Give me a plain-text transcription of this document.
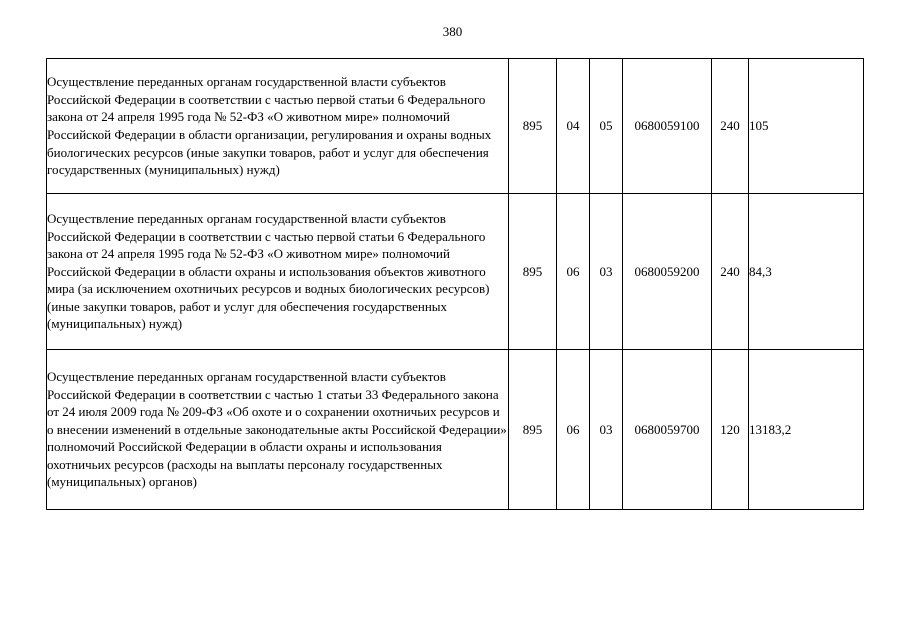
380
Осуществление переданных органам государственной власти субъектов Российской Федерации в соответствии с частью первой статьи 6 Федерального закона от 24 апреля 1995 года № 52-ФЗ «О животном мире» полномочий Российской Федерации в области организации, регулирования и охраны водных биологических ресурсов (иные закупки товаров, работ и услуг для обеспечения государственных (муниципальных) нужд)	895	04	05	0680059100	240	105
Осуществление переданных органам государственной власти субъектов Российской Федерации в соответствии с частью первой статьи 6 Федерального закона от 24 апреля 1995 года № 52-ФЗ «О животном мире» полномочий Российской Федерации в области охраны и использования объектов животного мира (за исключением охотничьих ресурсов и водных биологических ресурсов) (иные закупки товаров, работ и услуг для обеспечения государственных (муниципальных) нужд)	895	06	03	0680059200	240	84,3
Осуществление переданных органам государственной власти субъектов Российской Федерации в соответствии с частью 1 статьи 33 Федерального закона от 24 июля 2009 года № 209-ФЗ «Об охоте и о сохранении охотничьих ресурсов и о внесении изменений в отдельные законодательные акты Российской Федерации» полномочий Российской Федерации в области охраны и использования охотничьих ресурсов (расходы на выплаты персоналу государственных (муниципальных) органов)	895	06	03	0680059700	120	13183,2
